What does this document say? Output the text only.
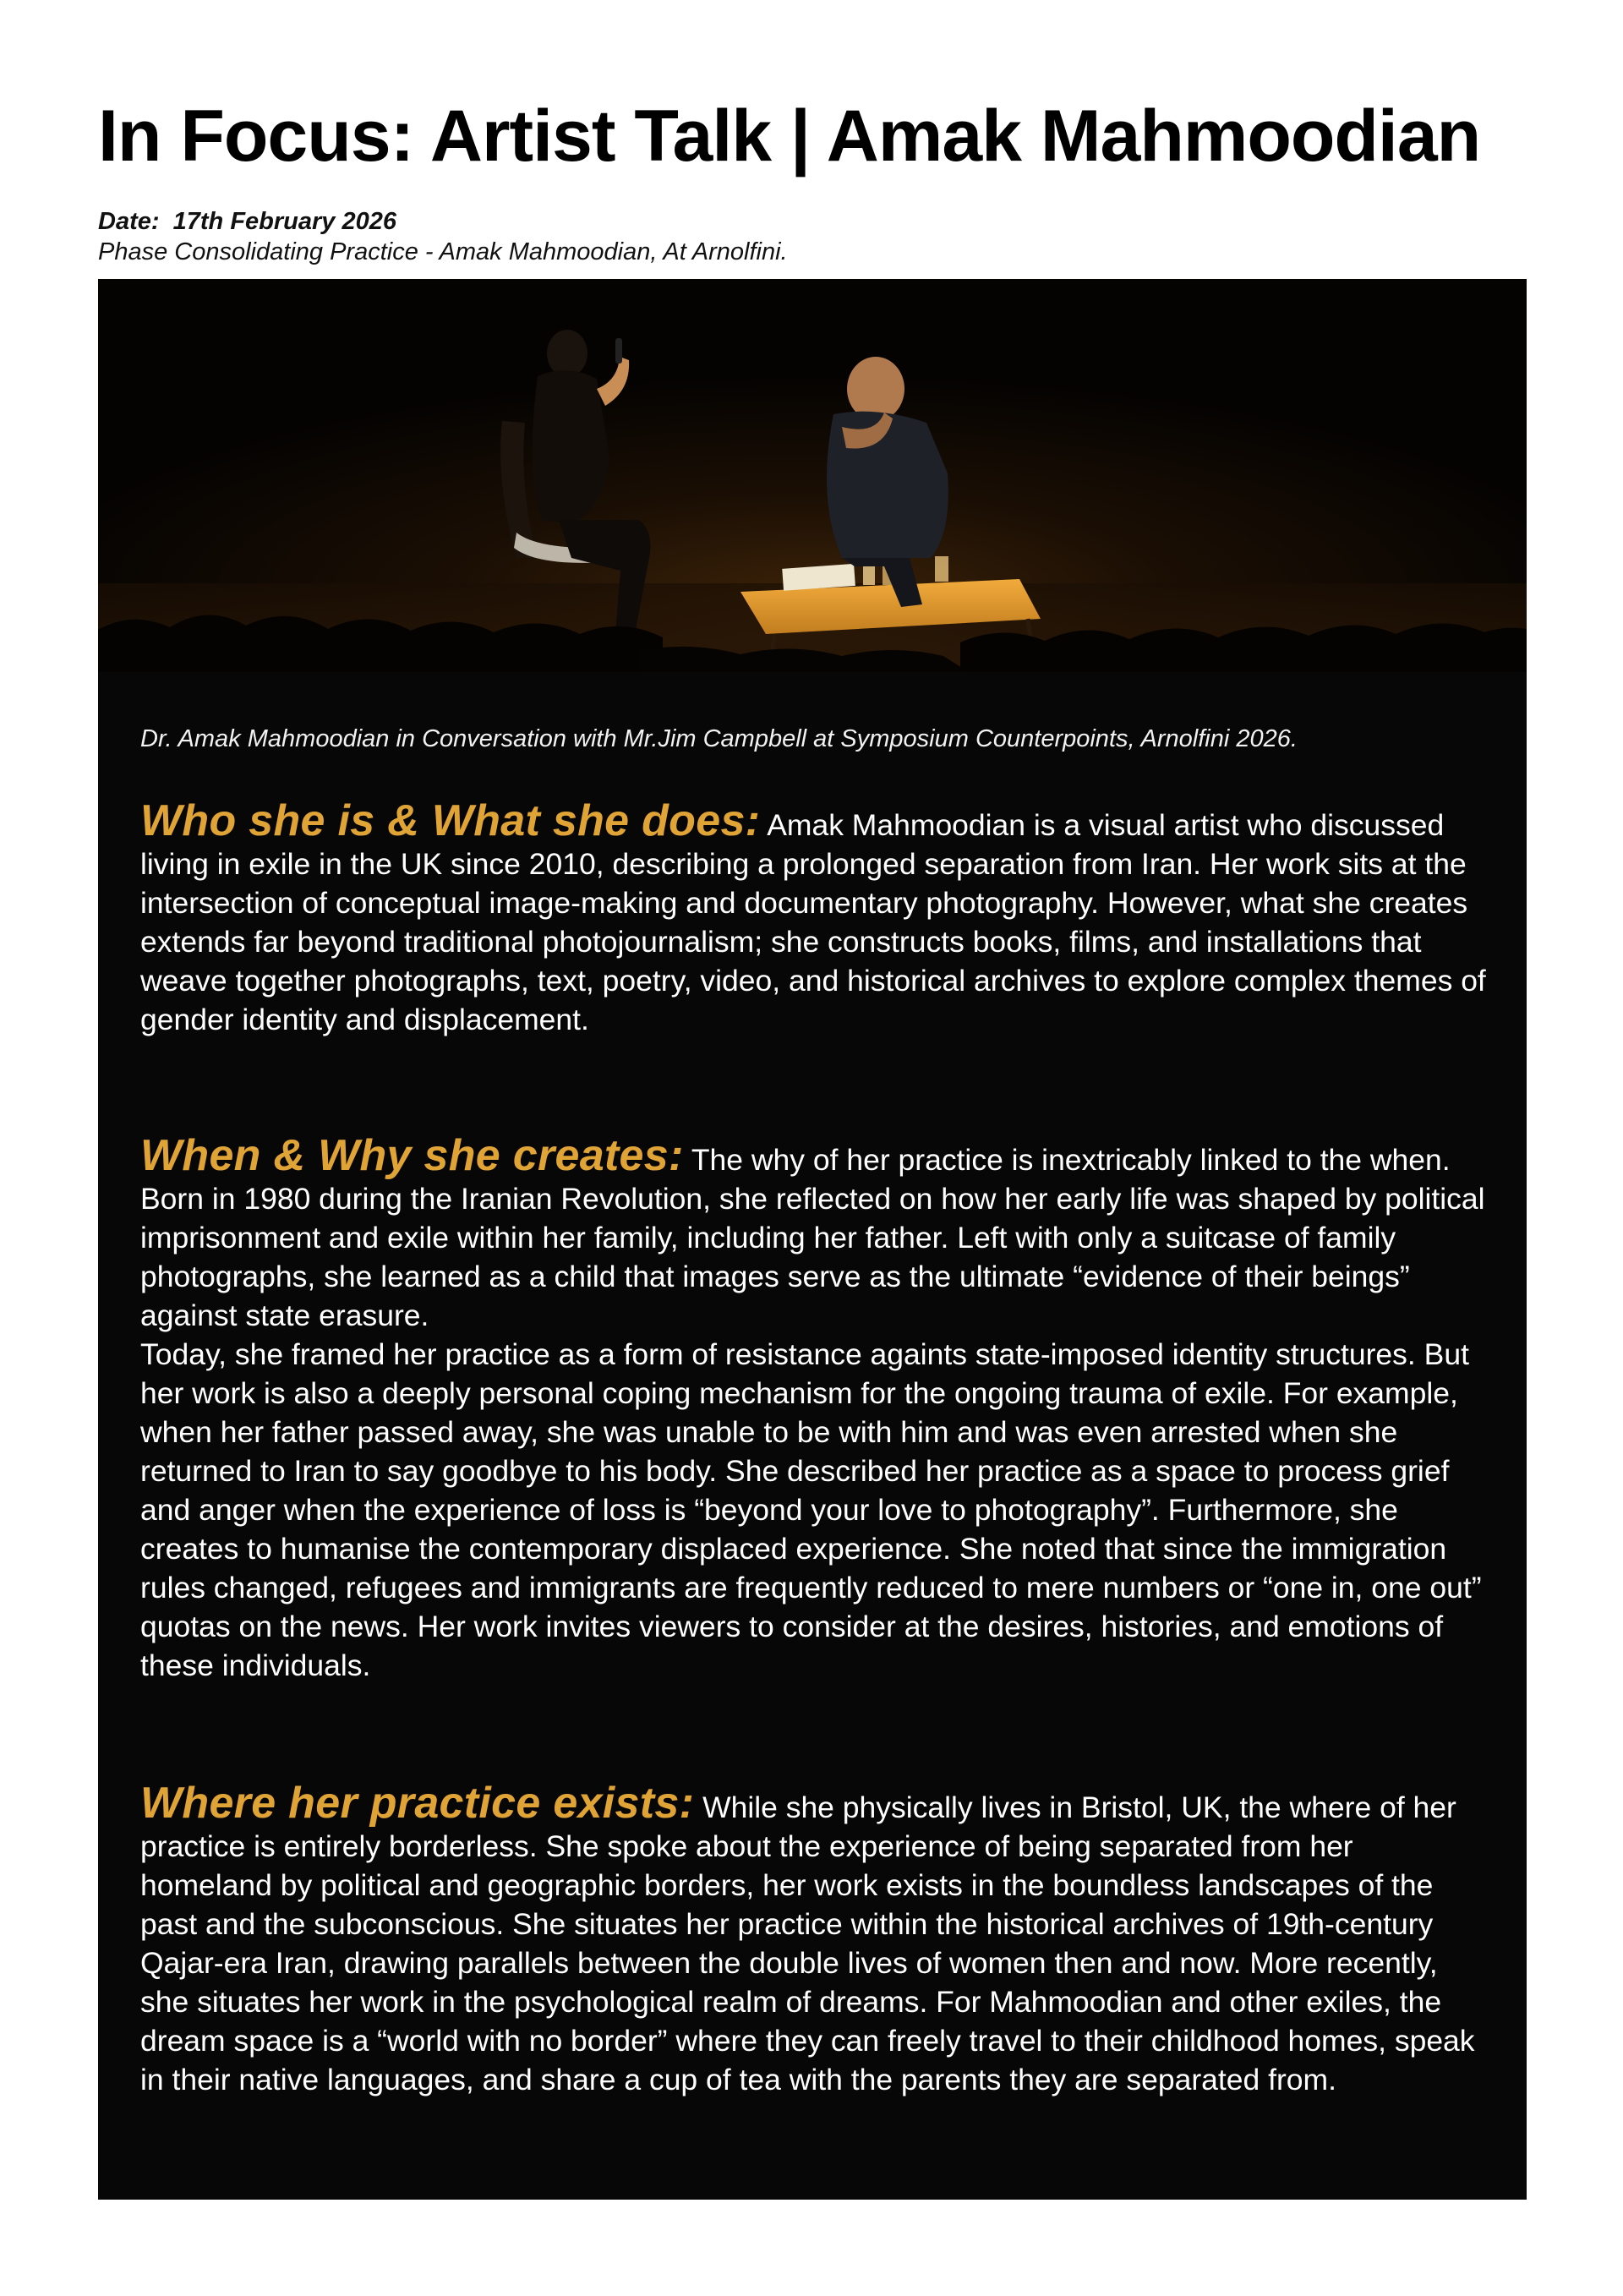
In Focus: Artist Talk | Amak Mahmoodian
Date:  17th February 2026
Phase Consolidating Practice - Amak Mahmoodian, At Arnolfini.
Dr. Amak Mahmoodian in Conversation with Mr.Jim Campbell at Symposium Counterpoints, Arnolfini 2026.

Who she is & What she does: Amak Mahmoodian is a visual artist who discussed living in exile in the UK since 2010, describing a prolonged separation from Iran. Her work sits at the intersection of conceptual image-making and documentary photography. However, what she creates extends far beyond traditional photojournalism; she constructs books, films, and installations that weave together photographs, text, poetry, video, and historical archives to explore complex themes of gender identity and displacement.

When & Why she creates: The why of her practice is inextricably linked to the when. Born in 1980 during the Iranian Revolution, she reflected on how her early life was shaped by political imprisonment and exile within her family, including her father. Left with only a suitcase of family photographs, she learned as a child that images serve as the ultimate “evidence of their beings” against state erasure.

Today, she framed her practice as a form of resistance againts state-imposed identity structures. But her work is also a deeply personal coping mechanism for the ongoing trauma of exile. For example, when her father passed away, she was unable to be with him and was even arrested when she returned to Iran to say goodbye to his body. She described her practice as a space to process grief and anger when the experience of loss is “beyond your love to photography”. Furthermore, she creates to humanise the contemporary displaced experience. She noted that since the immigration rules changed, refugees and immigrants are frequently reduced to mere numbers or “one in, one out” quotas on the news. Her work invites viewers to consider at the desires, histories, and emotions of these individuals.

Where her practice exists: While she physically lives in Bristol, UK, the where of her practice is entirely borderless. She spoke about the experience of being separated from her homeland by political and geographic borders, her work exists in the boundless landscapes of the past and the subconscious. She situates her practice within the historical archives of 19th-century Qajar-era Iran, drawing parallels between the double lives of women then and now. More recently, she situates her work in the psychological realm of dreams. For Mahmoodian and other exiles, the dream space is a “world with no border” where they can freely travel to their childhood homes, speak in their native languages, and share a cup of tea with the parents they are separated from.
